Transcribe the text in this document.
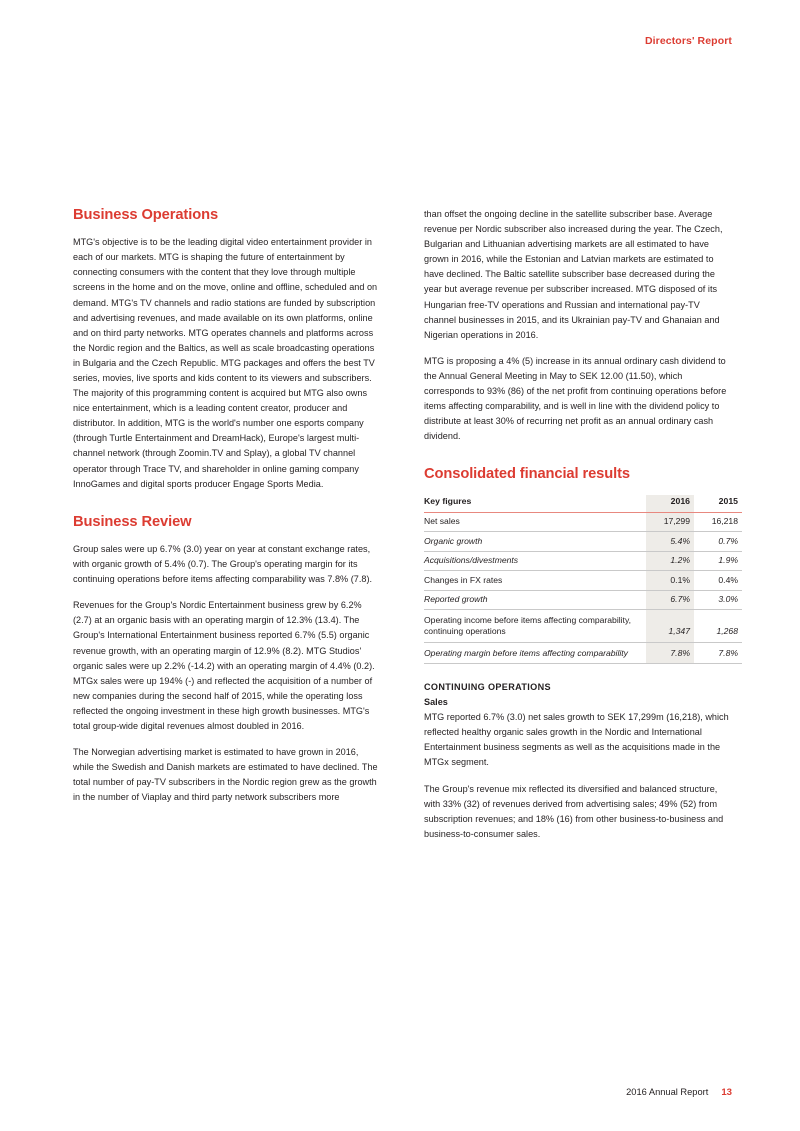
Directors' Report
Business Operations

MTG's objective is to be the leading digital video entertainment provider in each of our markets. MTG is shaping the future of entertainment by connecting consumers with the content that they love through multiple screens in the home and on the move, online and offline, scheduled and on demand. MTG's TV channels and radio stations are funded by subscription and advertising revenues, and made available on its own platforms, online and on third party networks. MTG operates channels and platforms across the Nordic region and the Baltics, as well as scale broadcasting operations in Bulgaria and the Czech Republic. MTG packages and offers the best TV series, movies, live sports and kids content to its viewers and subscribers. The majority of this programming content is acquired but MTG also owns nice entertainment, which is a leading content creator, producer and distributor. In addition, MTG is the world's number one esports company (through Turtle Entertainment and DreamHack), Europe's largest multi-channel network (through Zoomin.TV and Splay), a global TV channel operator through Trace TV, and shareholder in online gaming company InnoGames and digital sports producer Engage Sports Media.

Business Review

Group sales were up 6.7% (3.0) year on year at constant exchange rates, with organic growth of 5.4% (0.7). The Group's operating margin for its continuing operations before items affecting comparability was 7.8% (7.8).

Revenues for the Group's Nordic Entertainment business grew by 6.2% (2.7) at an organic basis with an operating margin of 12.3% (13.4). The Group's International Entertainment business reported 6.7% (5.5) organic revenue growth, with an operating margin of 12.9% (8.2). MTG Studios' organic sales were up 2.2% (-14.2) with an operating margin of 4.4% (0.2). MTGx sales were up 194% (-) and reflected the acquisition of a number of new companies during the second half of 2015, while the operating loss reflected the ongoing investment in these high growth businesses. MTG's total group-wide digital revenues almost doubled in 2016.

The Norwegian advertising market is estimated to have grown in 2016, while the Swedish and Danish markets are estimated to have declined. The total number of pay-TV subscribers in the Nordic region grew as the growth in the number of Viaplay and third party network subscribers more

than offset the ongoing decline in the satellite subscriber base. Average revenue per Nordic subscriber also increased during the year. The Czech, Bulgarian and Lithuanian advertising markets are all estimated to have grown in 2016, while the Estonian and Latvian markets are estimated to have declined. The Baltic satellite subscriber base decreased during the year but average revenue per subscriber increased. MTG disposed of its Hungarian free-TV operations and Russian and international pay-TV channel businesses in 2015, and its Ukrainian pay-TV and Ghanaian and Nigerian operations in 2016.

MTG is proposing a 4% (5) increase in its annual ordinary cash dividend to the Annual General Meeting in May to SEK 12.00 (11.50), which corresponds to 93% (86) of the net profit from continuing operations before items affecting comparability, and is well in line with the dividend policy to distribute at least 30% of recurring net profit as an annual ordinary cash dividend.

Consolidated financial results
Key figures	2016	2015
Net sales	17,299	16,218
Organic growth	5.4%	0.7%
Acquisitions/divestments	1.2%	1.9%
Changes in FX rates	0.1%	0.4%
Reported growth	6.7%	3.0%
Operating income before items affecting comparability, continuing operations	1,347	1,268
Operating margin before items affecting comparability	7.8%	7.8%
CONTINUING OPERATIONS
Sales

MTG reported 6.7% (3.0) net sales growth to SEK 17,299m (16,218), which reflected healthy organic sales growth in the Nordic and International Entertainment business segments as well as the acquisitions made in the MTGx segment.

The Group's revenue mix reflected its diversified and balanced structure, with 33% (32) of revenues derived from advertising sales; 49% (52) from subscription revenues; and 18% (16) from other business-to-business and business-to-consumer sales.

2016 Annual Report 13
